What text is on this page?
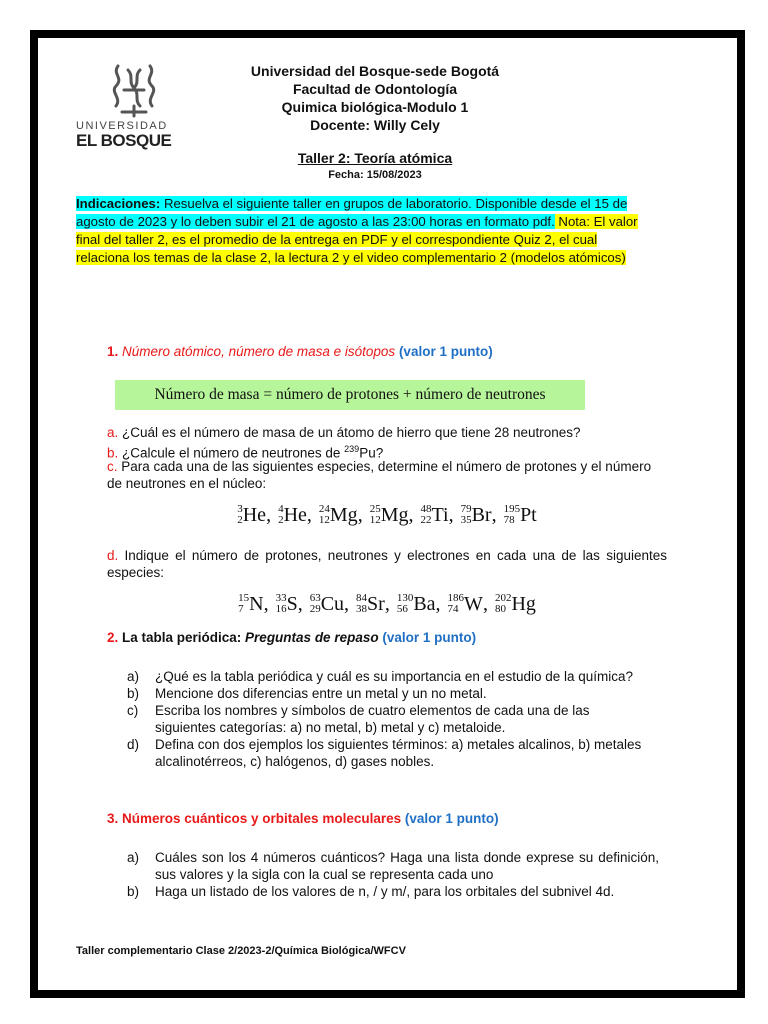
UNIVERSIDAD
EL BOSQUE
Universidad del Bosque-sede Bogotá
Facultad de Odontología
Quimica biológica-Modulo 1
Docente: Willy Cely
Taller 2: Teoría atómica
Fecha: 15/08/2023
Indicaciones: Resuelva el siguiente taller en grupos de laboratorio. Disponible desde el 15 de agosto de 2023 y lo deben subir el 21 de agosto a las 23:00 horas en formato pdf. Nota: El valor final del taller 2, es el promedio de la entrega en PDF y el correspondiente Quiz 2, el cual relaciona los temas de la clase 2, la lectura 2 y el video complementario 2 (modelos atómicos)
1. Número atómico, número de masa e isótopos (valor 1 punto)
Número de masa = número de protones + número de neutrones
a. ¿Cuál es el número de masa de un átomo de hierro que tiene 28 neutrones?
b. ¿Calcule el número de neutrones de $^{239}$Pu?
c. Para cada una de las siguientes especies, determine el número de protones y el número de neutrones en el núcleo:
3
2 He, 4
2 He, 24
12 Mg, 25
12 Mg, 48
22 Ti, 79
35 Br, 195
78 Pt
d. Indique el número de protones, neutrones y electrones en cada una de las siguientes especies:
15
7 N, 33
16 S, 63
29 Cu, 84
38 Sr, 130
56 Ba, 186
74 W, 202
80 Hg
2. La tabla periódica: Preguntas de repaso (valor 1 punto)
a) ¿Qué es la tabla periódica y cuál es su importancia en el estudio de la química?
b) Mencione dos diferencias entre un metal y un no metal.
c) Escriba los nombres y símbolos de cuatro elementos de cada una de las siguientes categorías: a) no metal, b) metal y c) metaloide.
d) Defina con dos ejemplos los siguientes términos: a) metales alcalinos, b) metales alcalinotérreos, c) halógenos, d) gases nobles.
3. Números cuánticos y orbitales moleculares (valor 1 punto)
a) Cuáles son los 4 números cuánticos? Haga una lista donde exprese su definición, sus valores y la sigla con la cual se representa cada uno
b) Haga un listado de los valores de n, / y m/, para los orbitales del subnivel 4d.
Taller complementario Clase 2/2023-2/Química Biológica/WFCV
